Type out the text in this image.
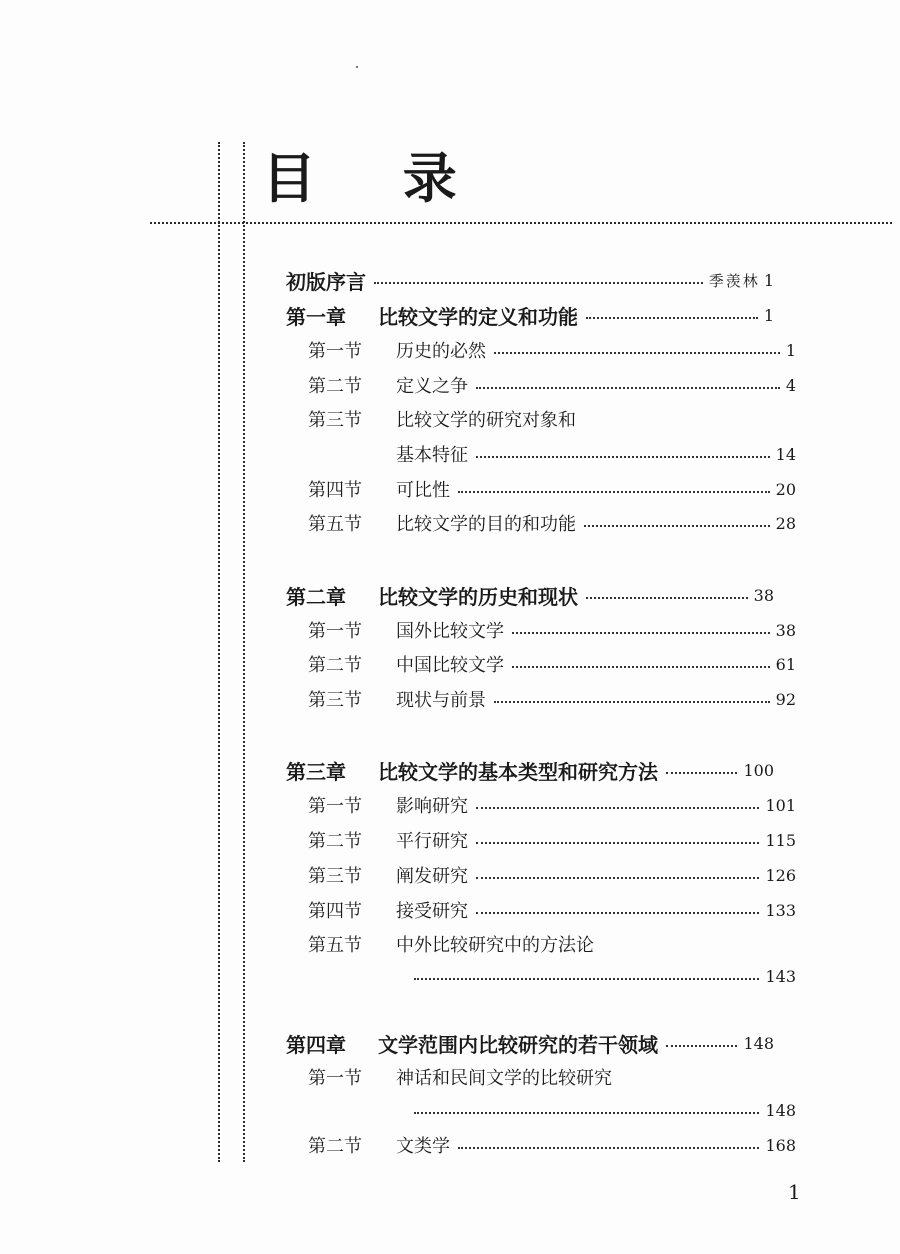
目 录
初版序言	季羡林 1
第一章	比较文学的定义和功能	1
第一节	历史的必然	1
第二节	定义之争	4
第三节	比较文学的研究对象和
基本特征	14
第四节	可比性	20
第五节	比较文学的目的和功能	28
第二章	比较文学的历史和现状	38
第一节	国外比较文学	38
第二节	中国比较文学	61
第三节	现状与前景	92
第三章	比较文学的基本类型和研究方法	100
第一节	影响研究	101
第二节	平行研究	115
第三节	阐发研究	126
第四节	接受研究	133
第五节	中外比较研究中的方法论
143
第四章	文学范围内比较研究的若干领域	148
第一节	神话和民间文学的比较研究
148
第二节	文类学	168
1
